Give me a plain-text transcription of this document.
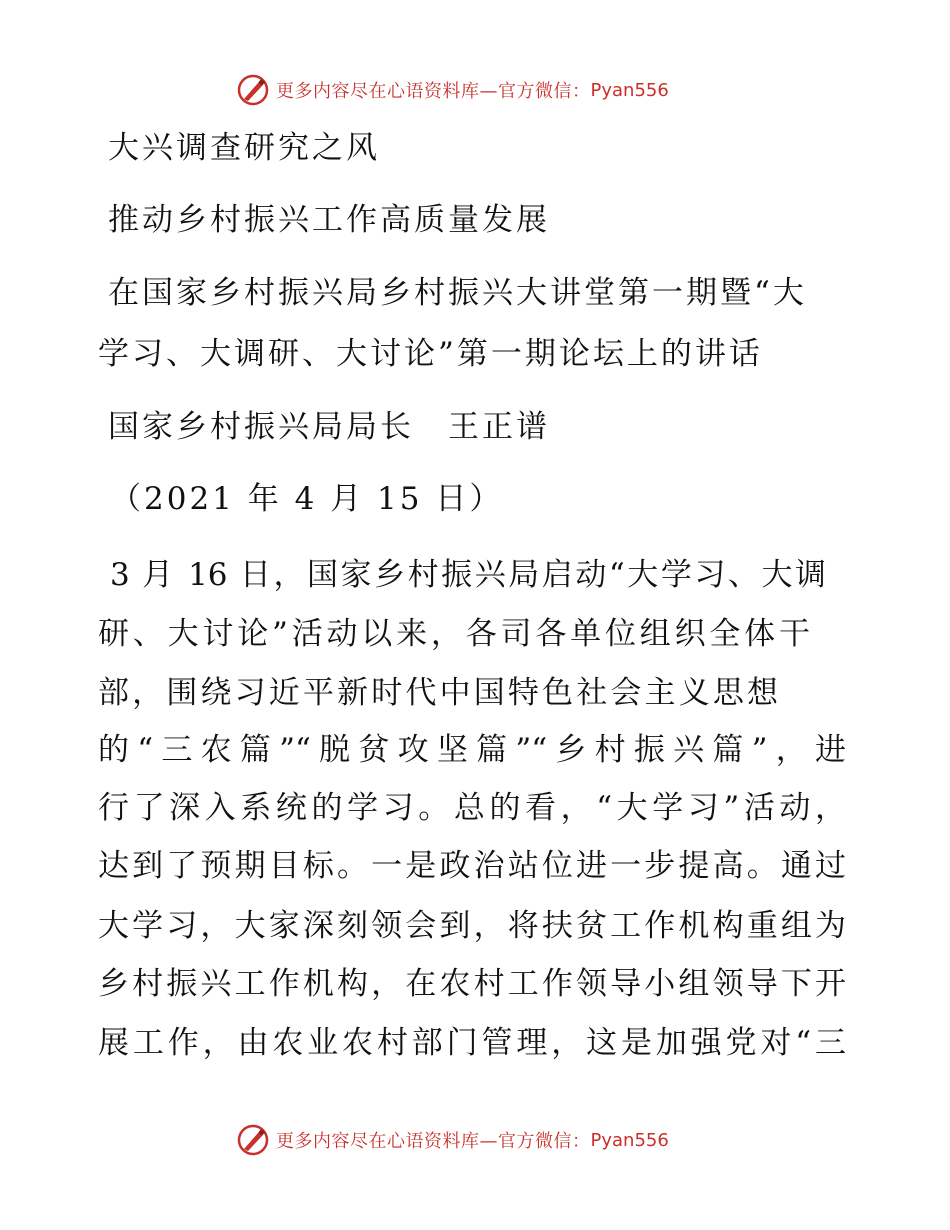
更多内容尽在心语资料库—官方微信： Pyan556
大兴调查研究之风
推动乡村振兴工作高质量发展
在国家乡村振兴局乡村振兴大讲堂第一期暨“大
学习、大调研、大讨论”第一期论坛上的讲话
国家乡村振兴局局长　王正谱
（2021 年 4 月 15 日）
3 月 16 日，国家乡村振兴局启动“大学习、大调
研、大讨论”活动以来，各司各单位组织全体干
部，围绕习近平新时代中国特色社会主义思想
的“三农篇”“脱贫攻坚篇”“乡村振兴篇”，进
行了深入系统的学习。总的看，“大学习”活动，
达到了预期目标。一是政治站位进一步提高。通过
大学习，大家深刻领会到，将扶贫工作机构重组为
乡村振兴工作机构，在农村工作领导小组领导下开
展工作，由农业农村部门管理，这是加强党对“三
更多内容尽在心语资料库—官方微信： Pyan556
